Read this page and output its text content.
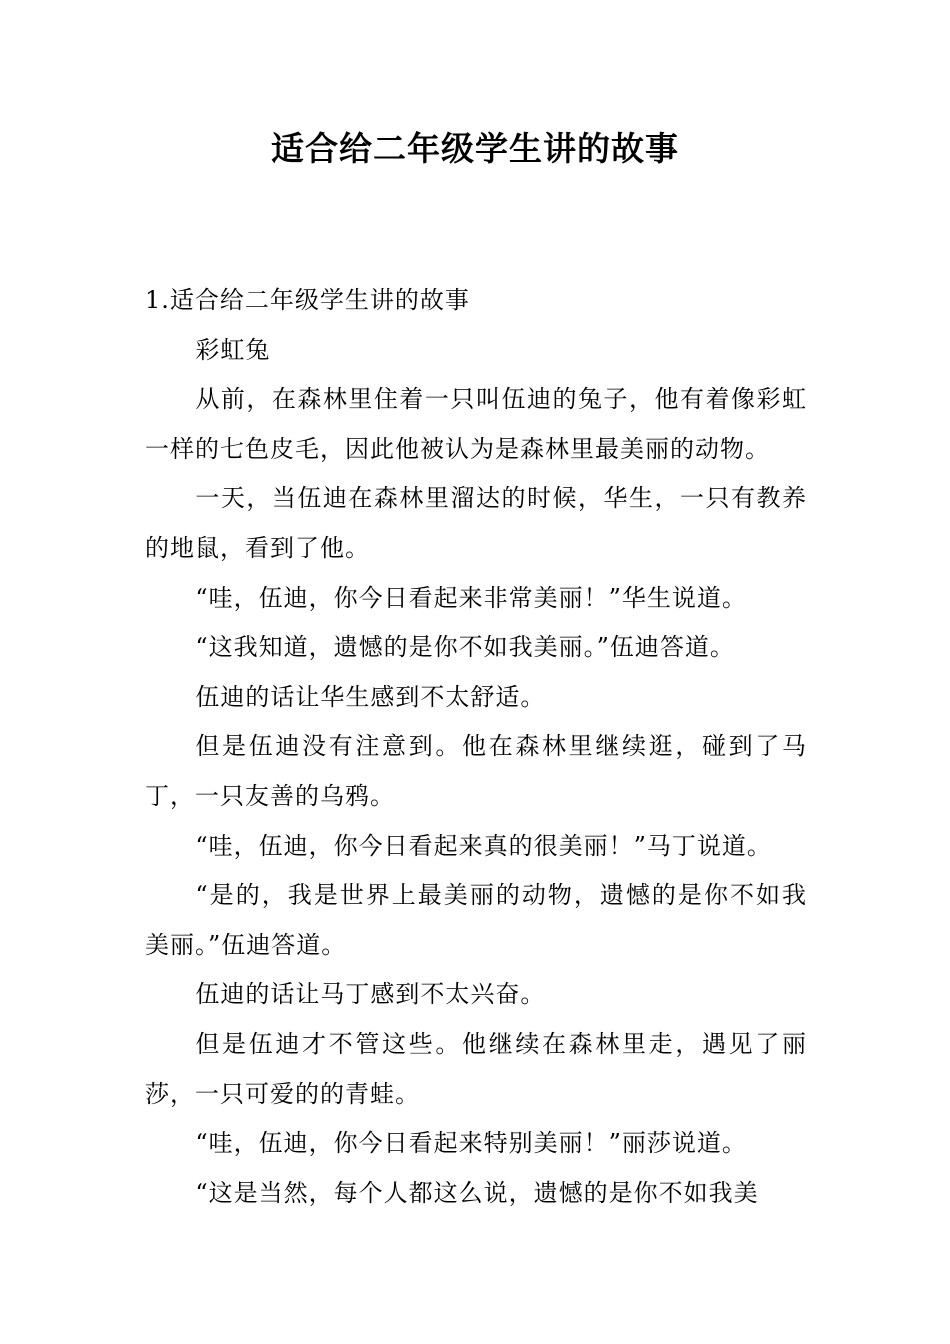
适合给二年级学生讲的故事

1.适合给二年级学生讲的故事

彩虹兔

从前，在森林里住着一只叫伍迪的兔子，他有着像彩虹一样的七色皮毛，因此他被认为是森林里最美丽的动物。

一天，当伍迪在森林里溜达的时候，华生，一只有教养的地鼠，看到了他。

“哇，伍迪，你今日看起来非常美丽！”华生说道。

“这我知道，遗憾的是你不如我美丽。”伍迪答道。

伍迪的话让华生感到不太舒适。

但是伍迪没有注意到。他在森林里继续逛，碰到了马丁，一只友善的乌鸦。

“哇，伍迪，你今日看起来真的很美丽！”马丁说道。

“是的，我是世界上最美丽的动物，遗憾的是你不如我美丽。”伍迪答道。

伍迪的话让马丁感到不太兴奋。

但是伍迪才不管这些。他继续在森林里走，遇见了丽莎，一只可爱的的青蛙。

“哇，伍迪，你今日看起来特别美丽！”丽莎说道。

“这是当然，每个人都这么说，遗憾的是你不如我美
